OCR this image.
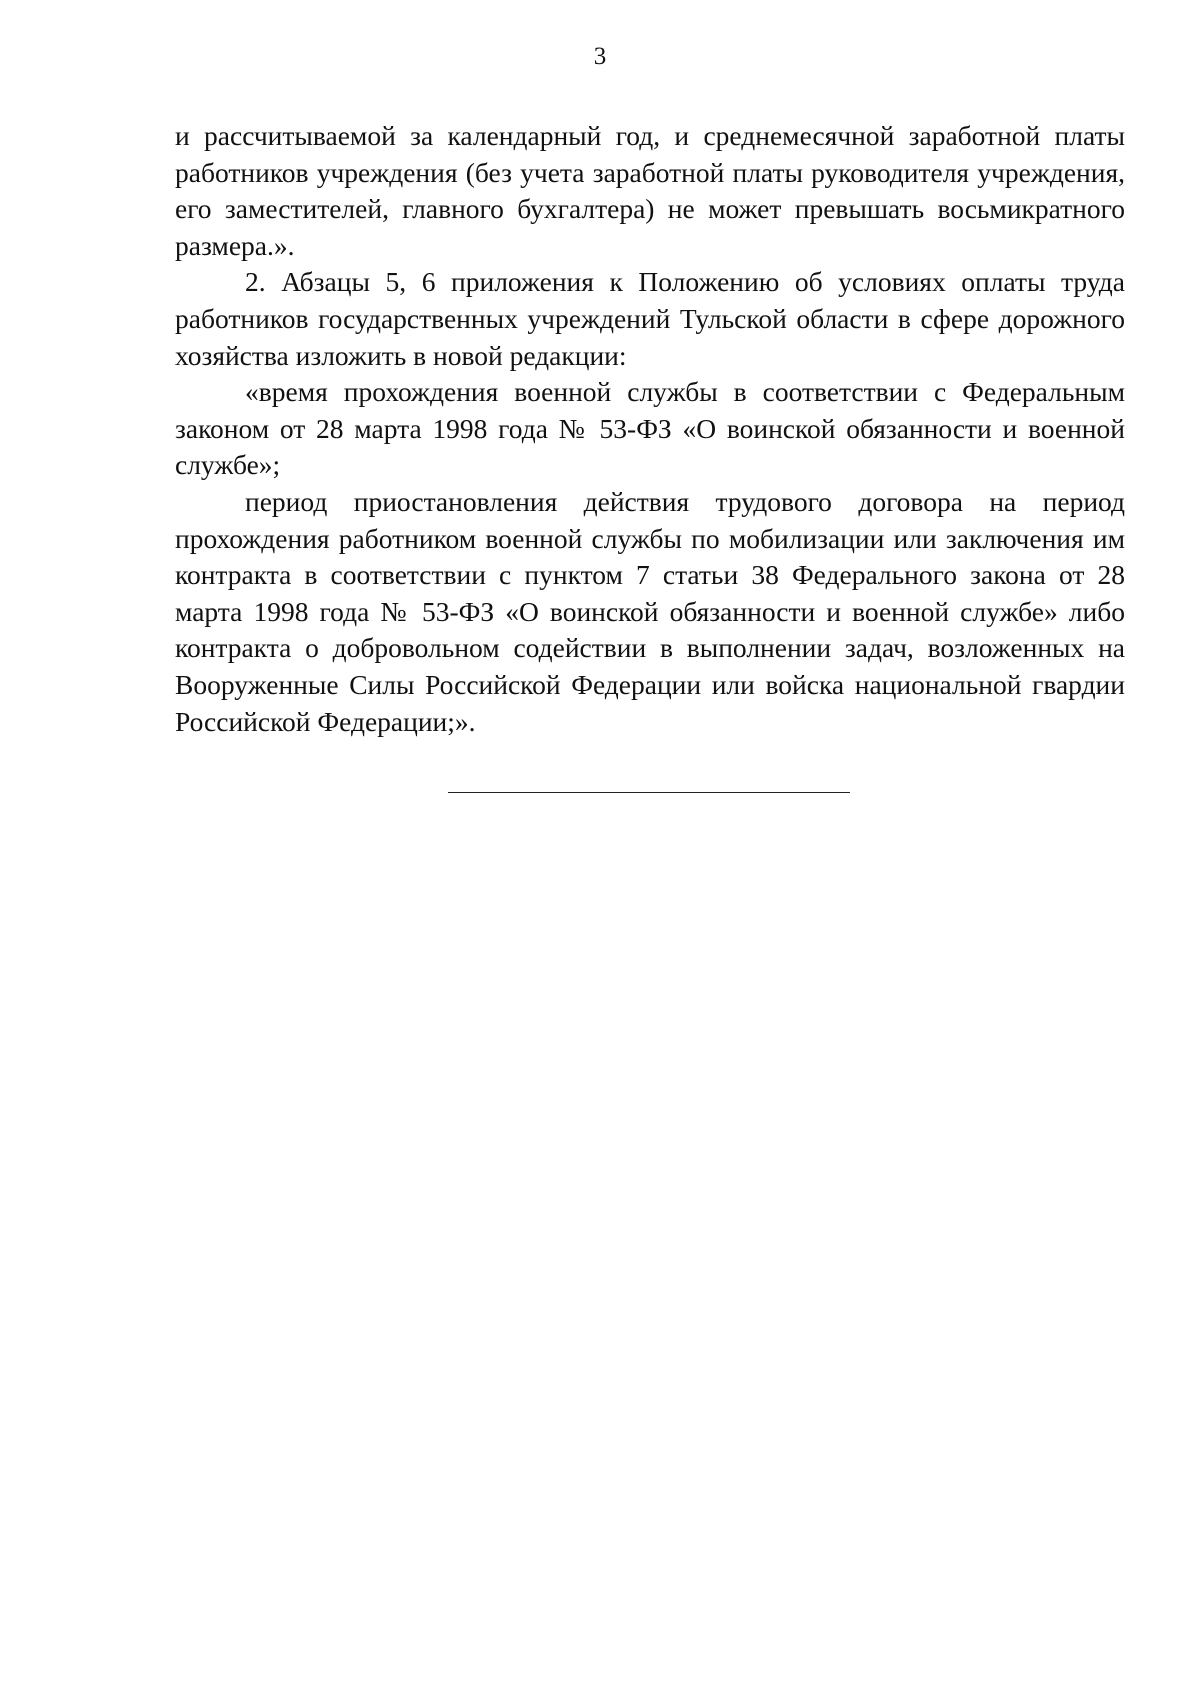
3

и рассчитываемой за календарный год, и среднемесячной заработной платы работников учреждения (без учета заработной платы руководителя учреждения, его заместителей, главного бухгалтера) не может превышать восьмикратного размера.».

2. Абзацы 5, 6 приложения к Положению об условиях оплаты труда работников государственных учреждений Тульской области в сфере дорожного хозяйства изложить в новой редакции:

«время прохождения военной службы в соответствии с Федеральным законом от 28 марта 1998 года № 53-ФЗ «О воинской обязанности и военной службе»;

период приостановления действия трудового договора на период прохождения работником военной службы по мобилизации или заключения им контракта в соответствии с пунктом 7 статьи 38 Федерального закона от 28 марта 1998 года № 53-ФЗ «О воинской обязанности и военной службе» либо контракта о добровольном содействии в выполнении задач, возложенных на Вооруженные Силы Российской Федерации или войска национальной гвардии Российской Федерации;».
